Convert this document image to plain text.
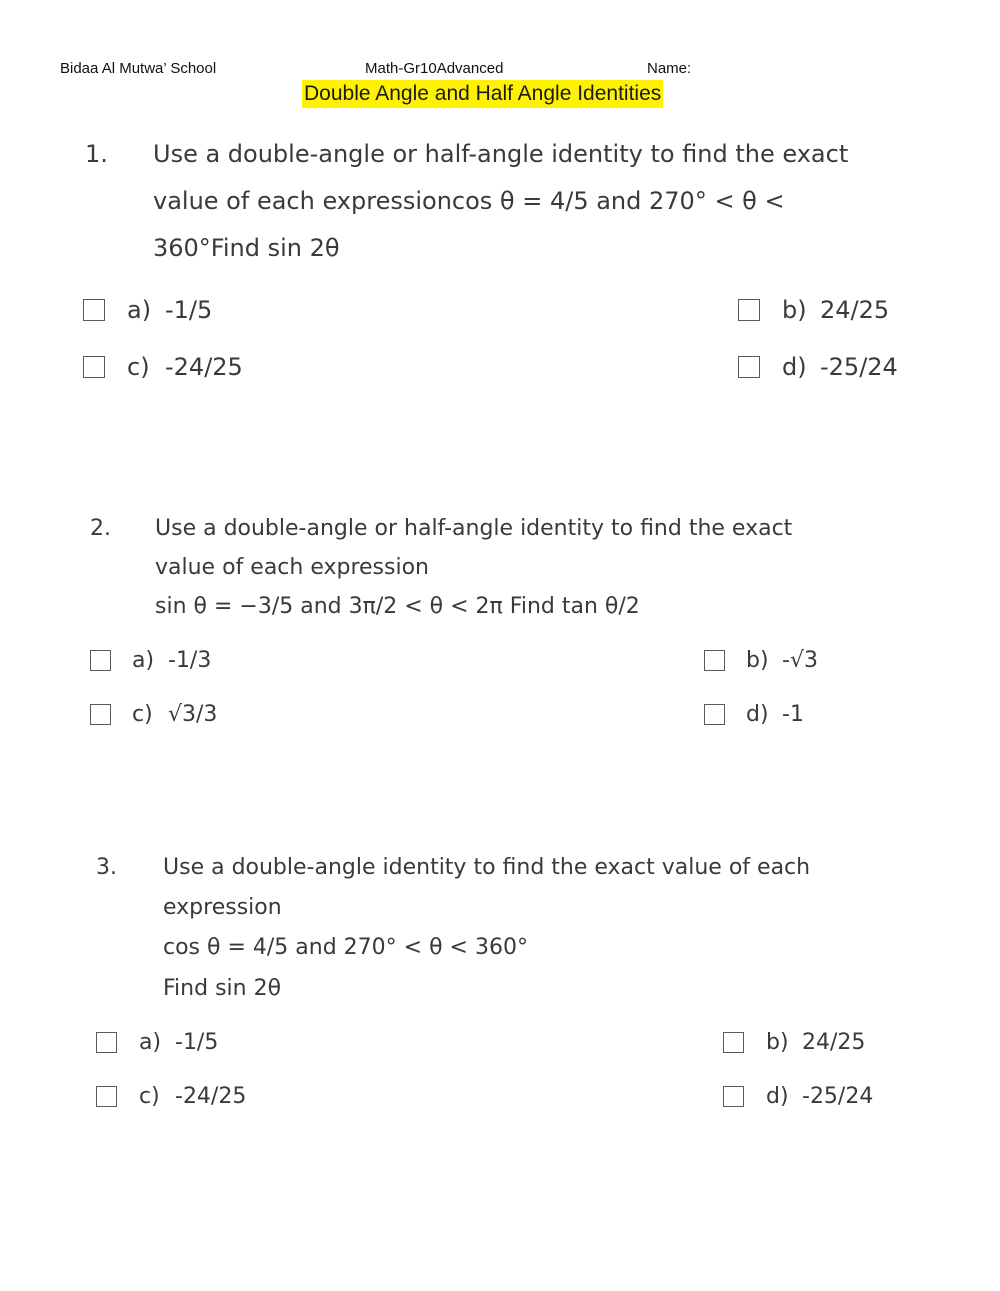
Bidaa Al Mutwa’ School	Math-Gr10Advanced	Name:
Double Angle and Half Angle Identities
1. Use a double-angle or half-angle identity to find the exact
value of each expressioncos θ = 4/5 and 270° < θ <
360°Find sin 2θ
a) -1/5	b) 24/25
c) -24/25	d) -25/24
2. Use a double-angle or half-angle identity to find the exact
value of each expression
sin θ = −3/5 and 3π/2 < θ < 2π Find tan θ/2
a) -1/3	b) -√3
c) √3/3	d) -1
3. Use a double-angle identity to find the exact value of each
expression
cos θ = 4/5 and 270° < θ < 360°
Find sin 2θ
a) -1/5	b) 24/25
c) -24/25	d) -25/24
